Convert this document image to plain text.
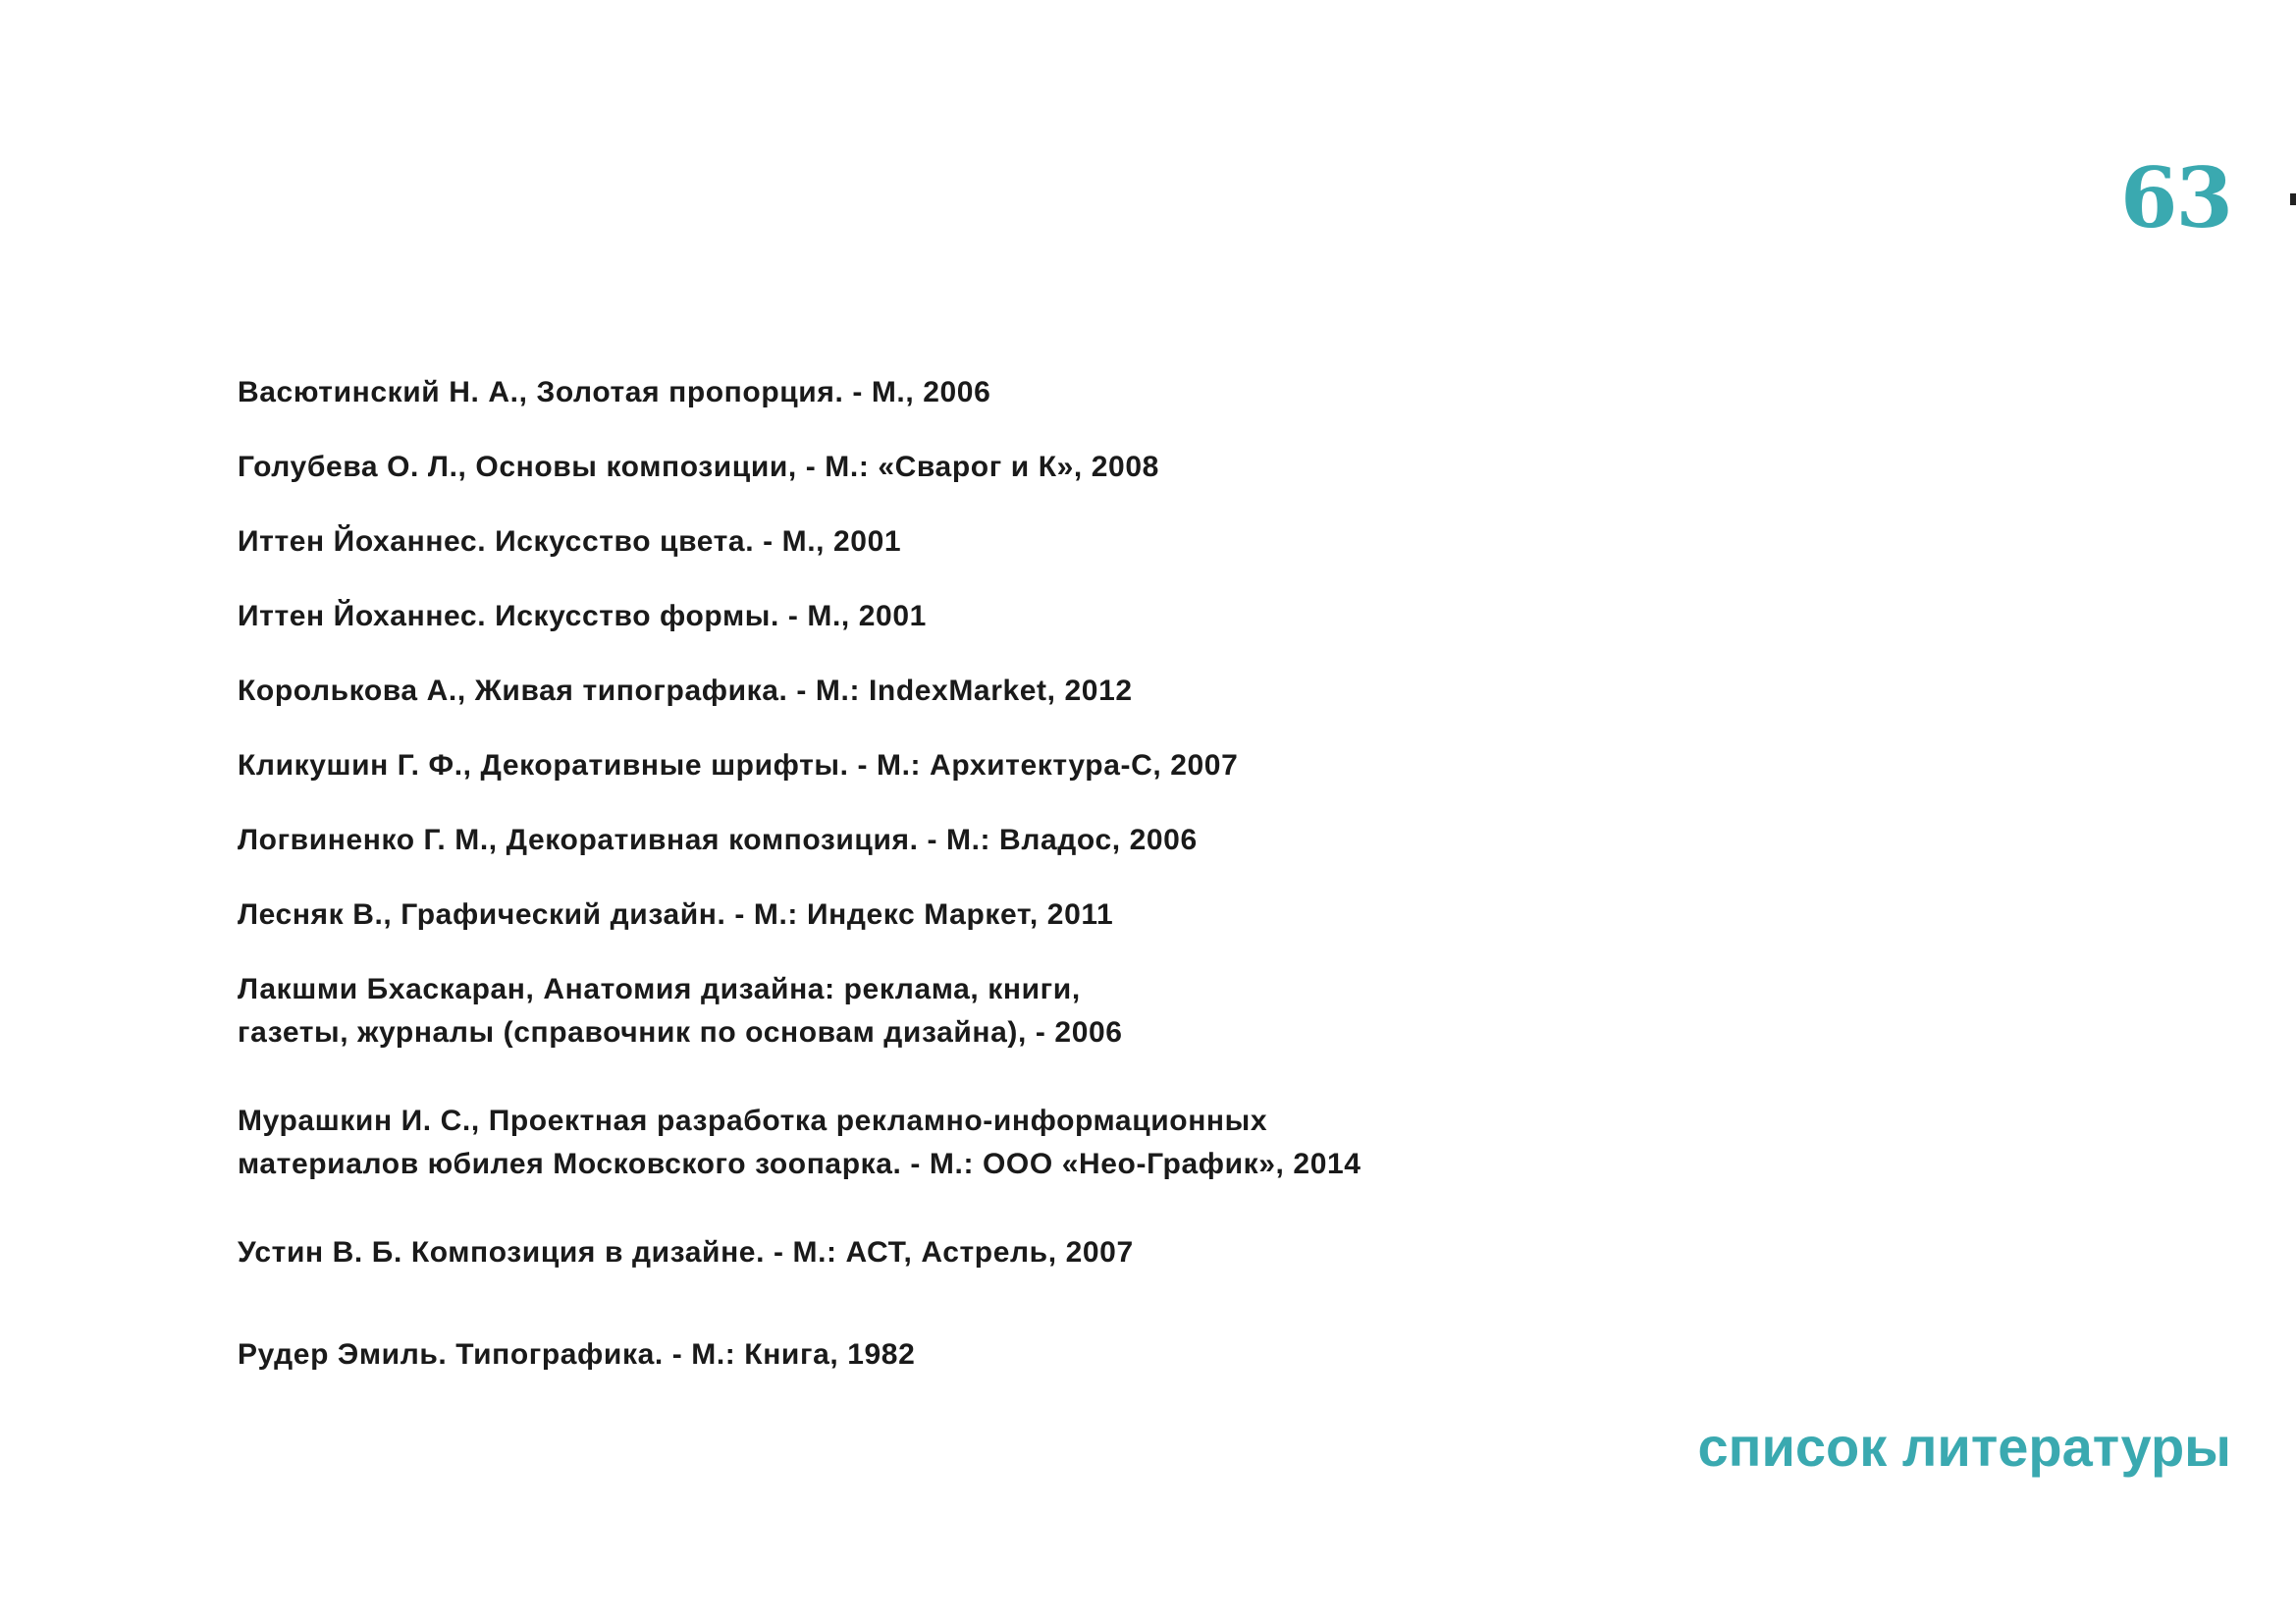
63
Васютинский Н. А., Золотая пропорция. - М., 2006
Голубева О. Л., Основы композиции, - М.: «Сварог и К», 2008
Иттен Йоханнес. Искусство цвета. - М., 2001
Иттен Йоханнес. Искусство формы. - М., 2001
Королькова А., Живая типографика. - М.: IndexMarket, 2012
Кликушин Г. Ф., Декоративные шрифты. - М.: Архитектура-С, 2007
Логвиненко Г. М., Декоративная композиция. - М.: Владос, 2006
Лесняк В., Графический дизайн. - М.: Индекс Маркет, 2011
Лакшми Бхаскаран, Анатомия дизайна: реклама, книги,
газеты, журналы (справочник по основам дизайна), - 2006
Мурашкин И. С., Проектная разработка рекламно-информационных
материалов юбилея Московского зоопарка. - М.: ООО «Нео-График», 2014
Устин В. Б. Композиция в дизайне. - М.: АСТ, Астрель, 2007
Рудер Эмиль. Типографика. - М.: Книга, 1982
список литературы
